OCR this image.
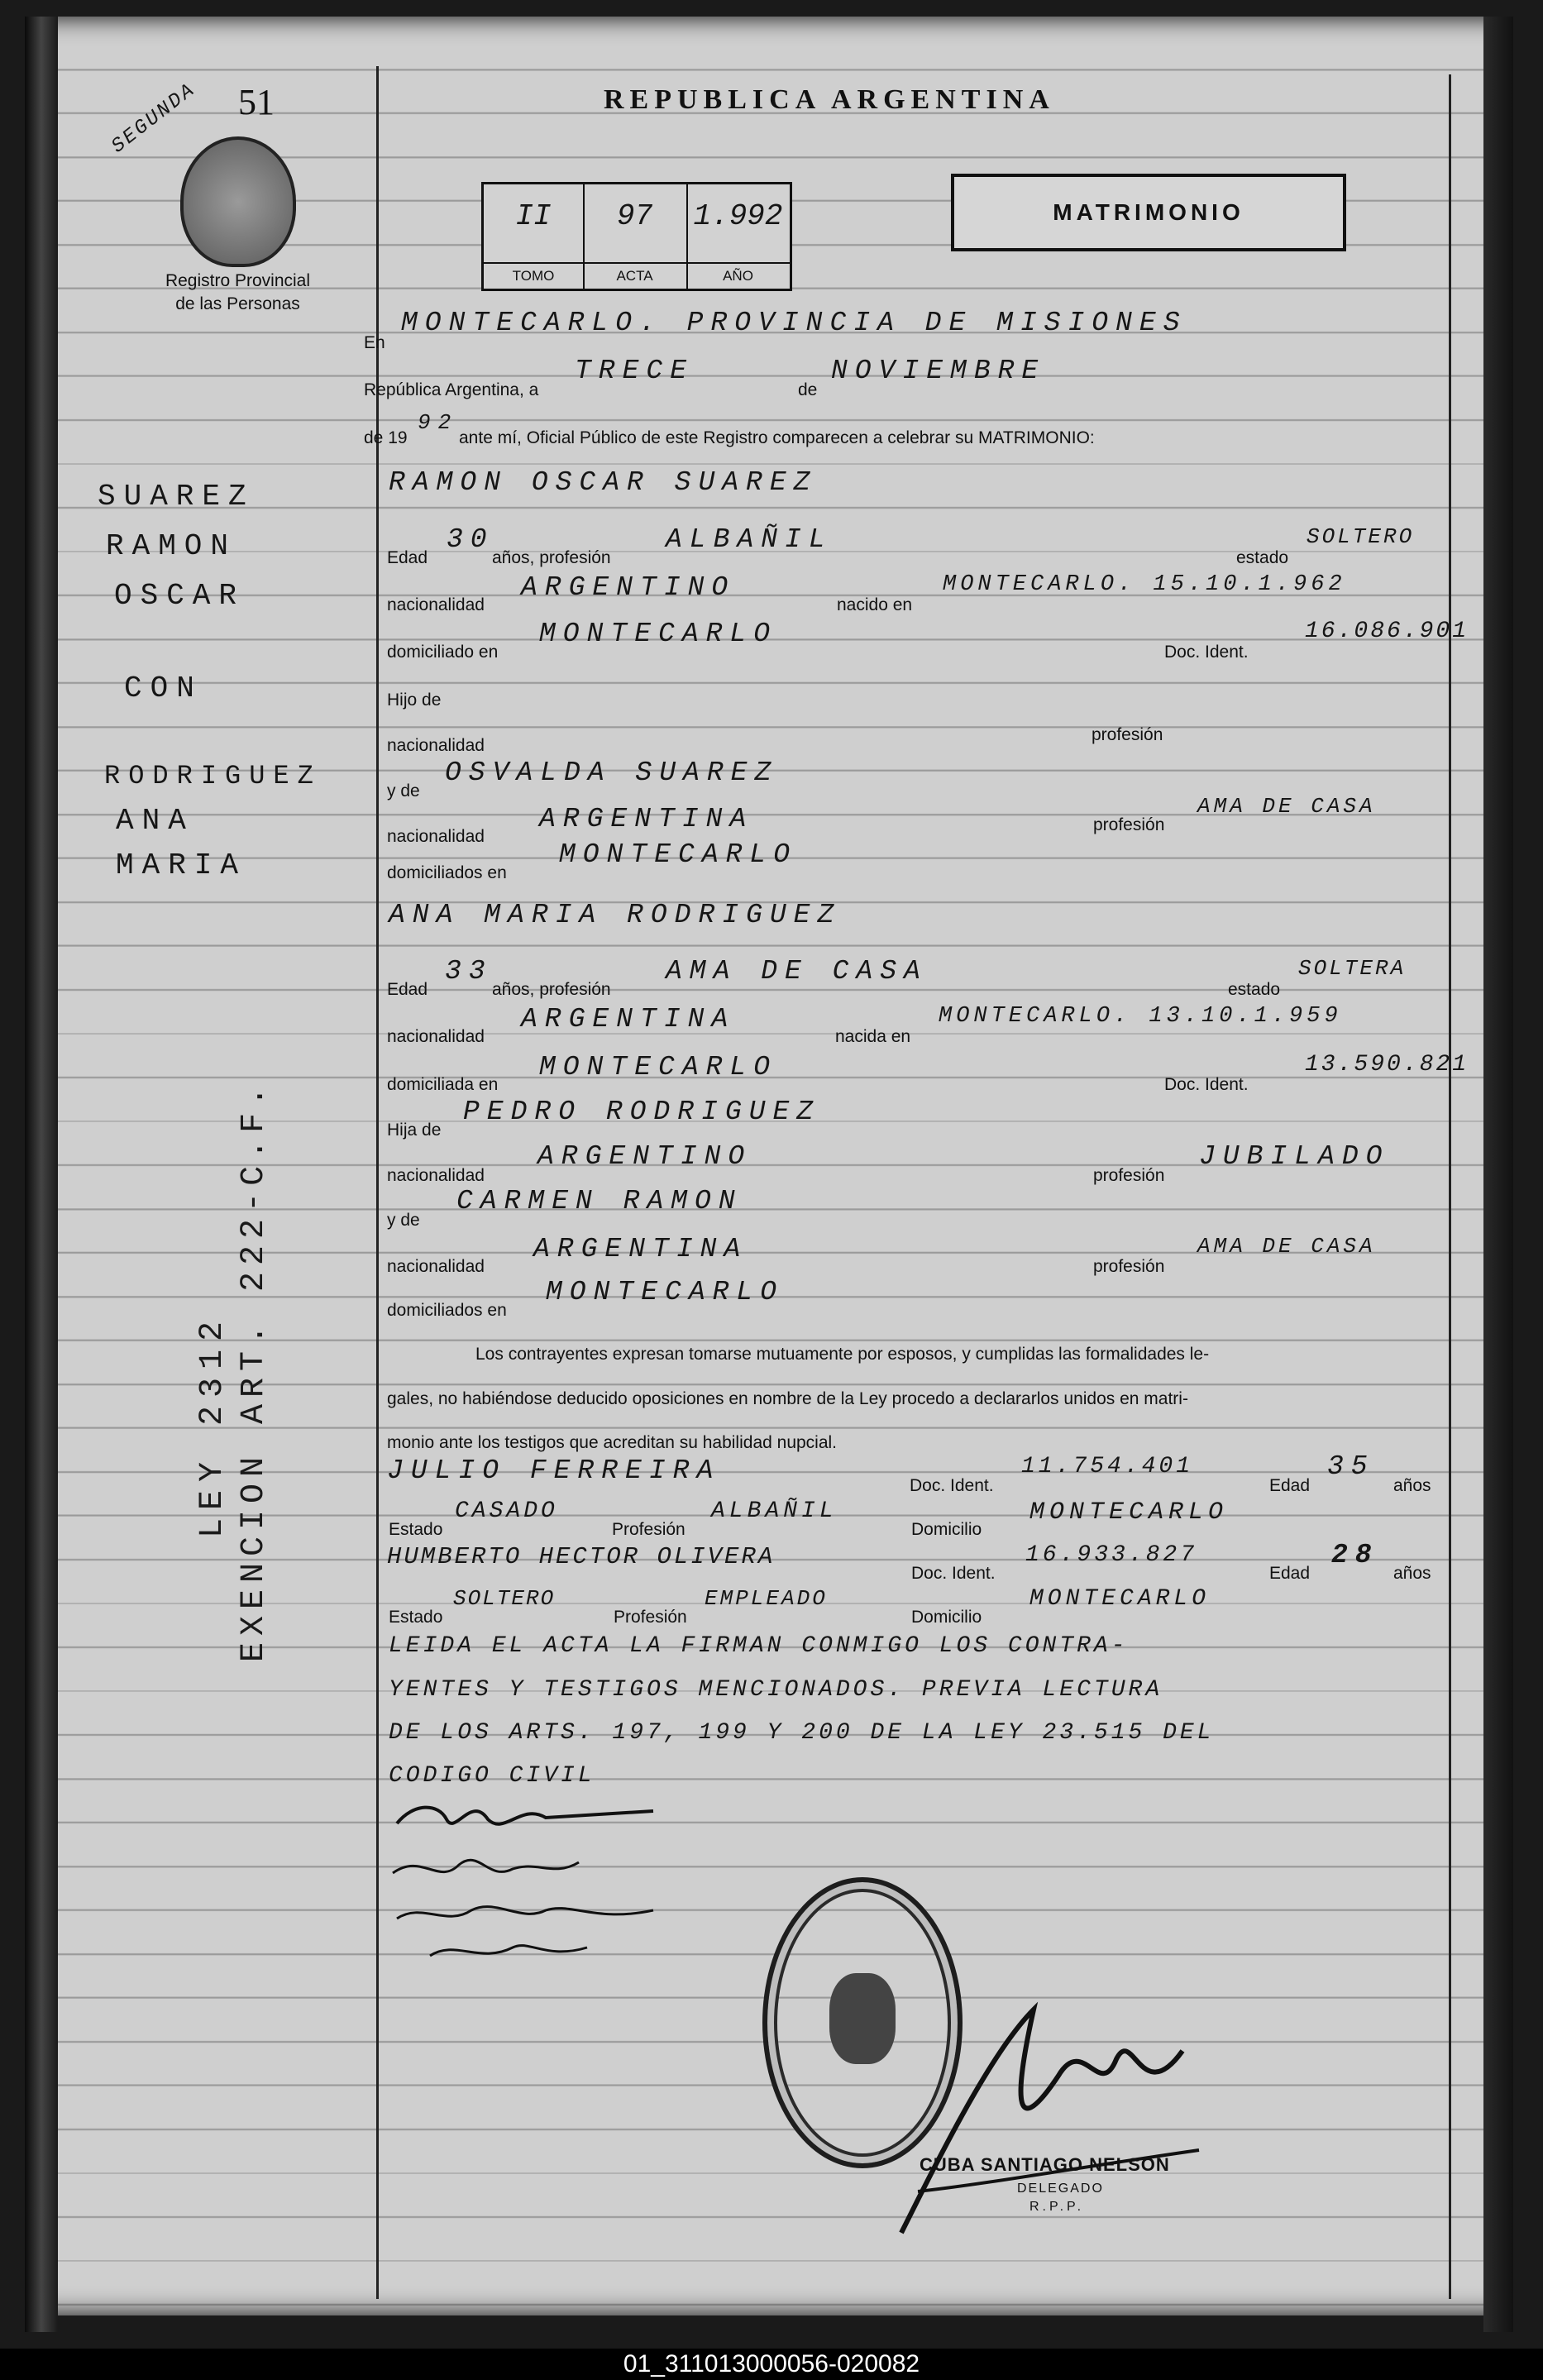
REPUBLICA ARGENTINA
MATRIMONIO
51
SEGUNDA
Registro Provincial
de las Personas
II
TOMO
97
ACTA
1.992
AÑO
SUAREZ
RAMON
OSCAR
CON
RODRIGUEZ
ANA
MARIA
LEY 2312 EXENCION ART. 222-C.F.
En
MONTECARLO. PROVINCIA DE MISIONES
República Argentina, a
TRECE
de
NOVIEMBRE
de 19
92
ante mí, Oficial Público de este Registro comparecen a celebrar su MATRIMONIO:
RAMON OSCAR SUAREZ
Edad
30
años, profesión
ALBAÑIL
estado
SOLTERO
nacionalidad
ARGENTINO
nacido en
MONTECARLO. 15.10.1.962
domiciliado en
MONTECARLO
Doc. Ident.
16.086.901
Hijo de
nacionalidad
profesión
y de
OSVALDA SUAREZ
nacionalidad
ARGENTINA	profesión
AMA DE CASA
domiciliados en
MONTECARLO
ANA MARIA RODRIGUEZ
Edad
33
años, profesión
AMA DE CASA
estado
SOLTERA
nacionalidad
ARGENTINA
nacida en
MONTECARLO. 13.10.1.959
domiciliada en
MONTECARLO
Doc. Ident.
13.590.821
Hija de
PEDRO RODRIGUEZ
nacionalidad
ARGENTINO
profesión
JUBILADO
y de
CARMEN RAMON
nacionalidad
ARGENTINA
profesión
AMA DE CASA
domiciliados en
MONTECARLO
Los contrayentes expresan tomarse mutuamente por esposos, y cumplidas las formalidades le-
gales, no habiéndose deducido oposiciones en nombre de la Ley procedo a declararlos unidos en matri-
monio ante los testigos que acreditan su habilidad nupcial.
JULIO FERREIRA	Doc. Ident.
11.754.401
Edad
35
años
Estado
CASADO
Profesión
ALBAÑIL
Domicilio
MONTECARLO
HUMBERTO HECTOR OLIVERA
Doc. Ident.
16.933.827
Edad
28
años
Estado
SOLTERO
Profesión
EMPLEADO
Domicilio
MONTECARLO
LEIDA EL ACTA LA FIRMAN CONMIGO LOS CONTRA-
YENTES Y TESTIGOS MENCIONADOS. PREVIA LECTURA
DE LOS ARTS. 197, 199 Y 200 DE LA LEY 23.515 DEL
CODIGO CIVIL
CUBA SANTIAGO NELSON
DELEGADO
R.P.P.
01_311013000056-020082
